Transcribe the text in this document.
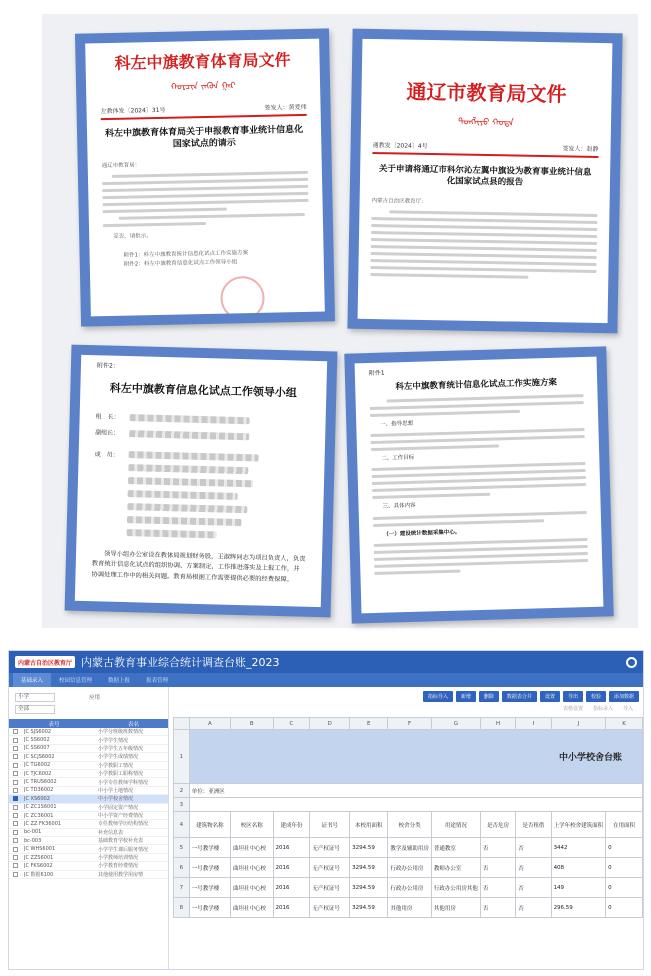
科左中旗教育体育局文件
ᠬᠣᠷᠴᠢᠨ ᠵᠡᠭᠦᠨ ᠭᠠᠷ
左教体发〔2024〕31号	签发人：黄爱伟
科左中旗教育体育局关于申报教育事业统计信息化国家试点的请示
通辽市教育局：
妥否，请批示。
附件1：科左中旗教育统计信息化试点工作实施方案
附件2：科左中旗教育信息化试点工作领导小组
通辽市教育局文件
ᠲᠤᠩᠯᠢᠶᠣ ᠬᠣᠲᠠ
通教发〔2024〕4号	签发人：赵静
关于申请将通辽市科尔沁左翼中旗设为教育事业统计信息化国家试点县的报告
内蒙古自治区教育厅：
附件2：
科左中旗教育信息化试点工作领导小组
组　长：
副组长：
成　员：
领导小组办公室设在教体局规划财务股，王淑辉同志为项目负责人，负责教育统计信息化试点的组织协调、方案制定，工作推进落实及上报工作，并协调处理工作中的相关问题。教育局根据工作需要提供必要的经费保障。
附件1
科左中旗教育统计信息化试点工作实施方案
一、指导思想
二、工作目标
三、具体内容
（一）建设统计数据采集中心。
内蒙古自治区教育厅 内蒙古教育事业综合统计调查台账_2023
基础录入	校园信息管理	数据上报	报表管理
小学	应用
全部
表号	表名
JC SJS6002	小学分班级班数情况
JC SS6002	小学学生情况
JC SS6007	小学学生五年级情况
JC SCJS6002	小学学生成绩情况
JC TG6002	小学教职工情况
JC TJC6002	小学教职工职称情况
JC TRUS6002	小学专任教师学科情况
JC TD36002	中小学土地情况
JC XS6002	中小学校舍情况
JC ZC1S6001	小学固定资产情况
JC ZC36001	中小学资产经费情况
JC ZZ FK36001	专任教师学历结构情况
bc-001	补充信息表
bc-003	基础教育学校补充表
JC WHS6001	小学学生课后服务情况
JC ZZS6001	小学教师培训情况
JC FKS6002	小学教育经费情况
JC 数据6100	其他使用教学用房情
指标导入	新增	删除	数据表合并	设置	导出	校验	添加数据
表格设置 指标录入 导入
	A	B	C	D	E	F	G	H	I	J	K
1	中小学校舍台账										
2	单位：亚洲区										
3											
4	建筑物名称	校区名称	建成年份	证书号	本校用面积	校舍分类	用途情况	是否危房	是否租借	上学年校舍建筑面积	在用面积
5	一号教学楼	曲坦社中心校	2016	无产权证号	3294.59	教学及辅助用房	普通教室	否	否	3442	0
6	一号教学楼	曲坦社中心校	2016	无产权证号	3294.59	行政办公用房	教师办公室	否	否	408	0
7	一号教学楼	曲坦社中心校	2016	无产权证号	3294.59	行政办公用房	行政办公用房其他	否	否	149	0
8	一号教学楼	曲坦社中心校	2016	无产权证号	3294.59	其他用房	其他用房	否	否	296.59	0
